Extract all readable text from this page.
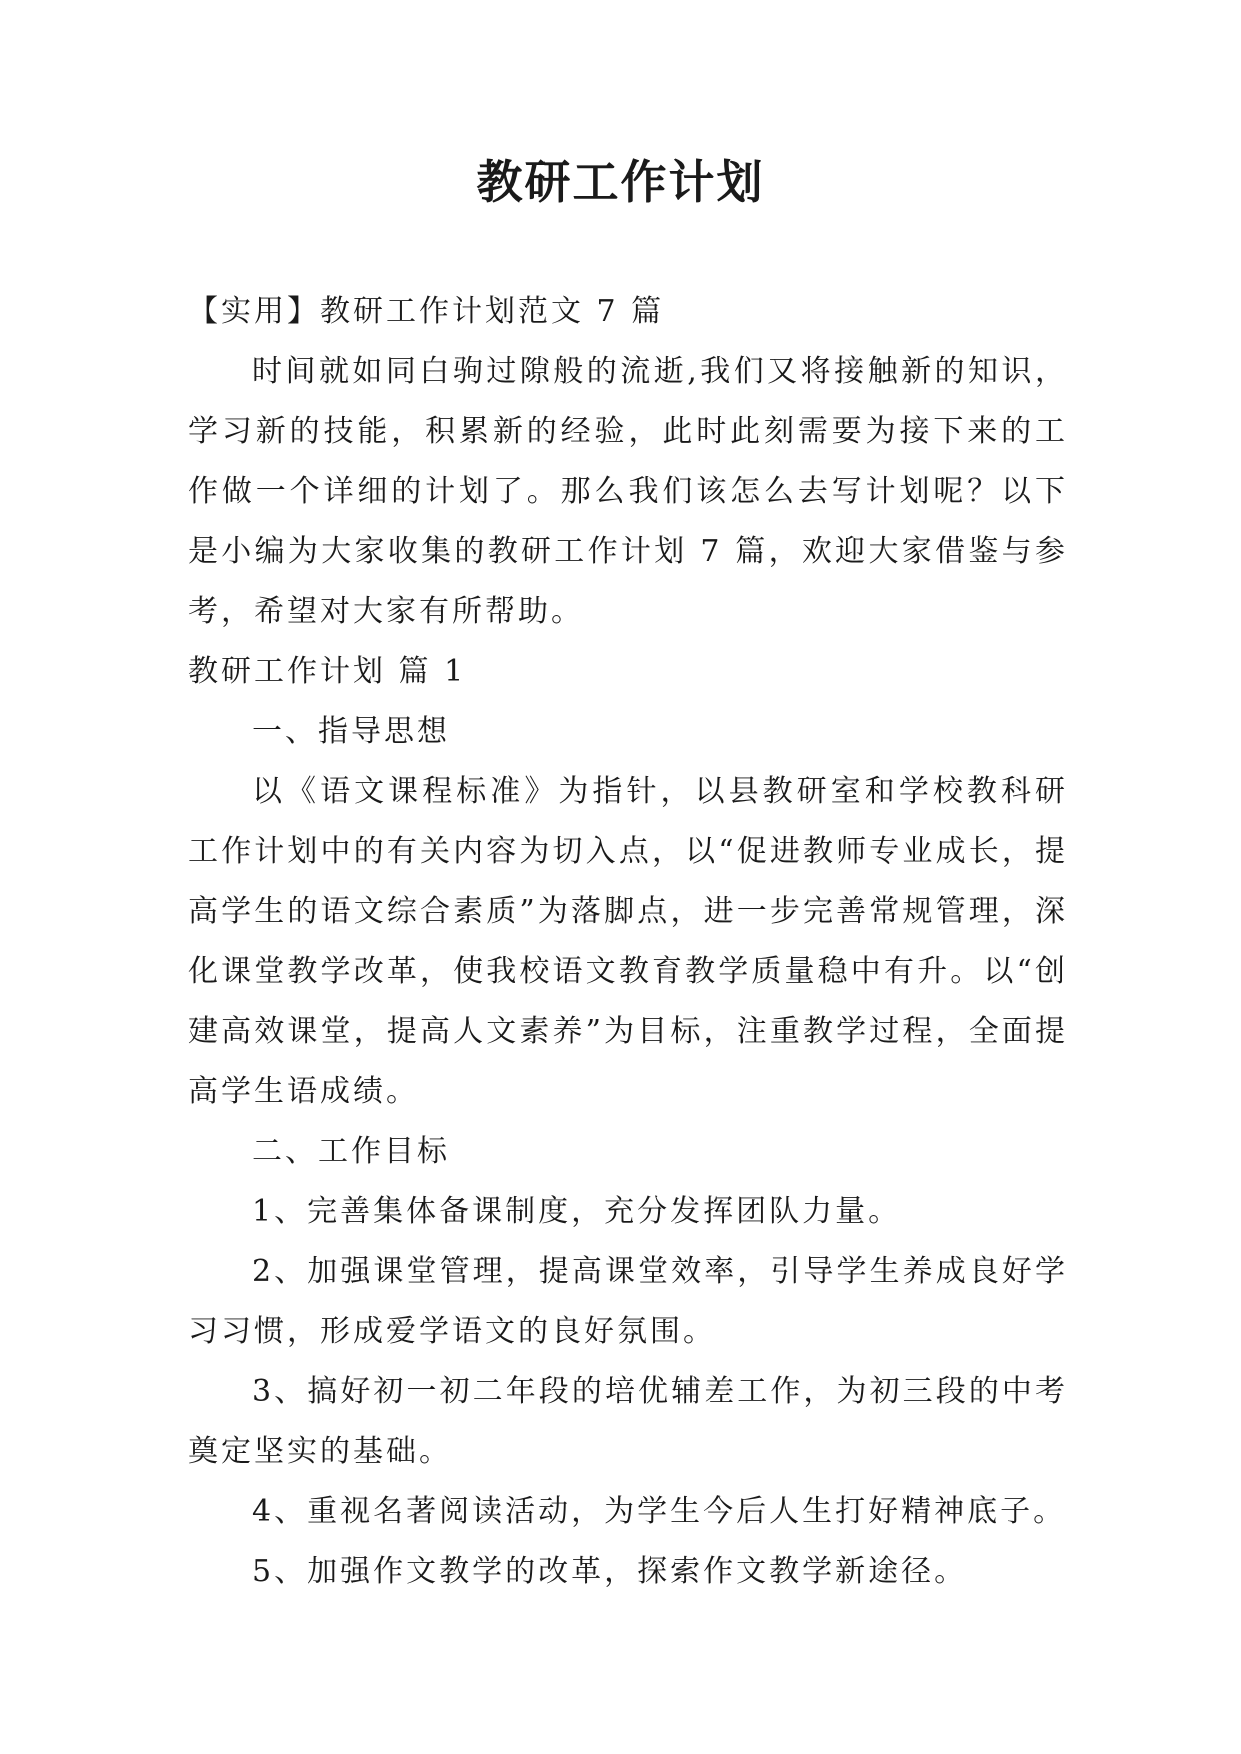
教研工作计划

【实用】教研工作计划范文 7 篇

时间就如同白驹过隙般的流逝,我们又将接触新的知识，学习新的技能，积累新的经验，此时此刻需要为接下来的工作做一个详细的计划了。那么我们该怎么去写计划呢？以下是小编为大家收集的教研工作计划 7 篇，欢迎大家借鉴与参考，希望对大家有所帮助。

教研工作计划 篇 1

一、指导思想

以《语文课程标准》为指针，以县教研室和学校教科研工作计划中的有关内容为切入点，以“促进教师专业成长，提高学生的语文综合素质”为落脚点，进一步完善常规管理，深化课堂教学改革，使我校语文教育教学质量稳中有升。以“创建高效课堂，提高人文素养”为目标，注重教学过程，全面提高学生语成绩。

二、工作目标

1、完善集体备课制度，充分发挥团队力量。

2、加强课堂管理，提高课堂效率，引导学生养成良好学习习惯，形成爱学语文的良好氛围。

3、搞好初一初二年段的培优辅差工作，为初三段的中考奠定坚实的基础。

4、重视名著阅读活动，为学生今后人生打好精神底子。

5、加强作文教学的改革，探索作文教学新途径。
